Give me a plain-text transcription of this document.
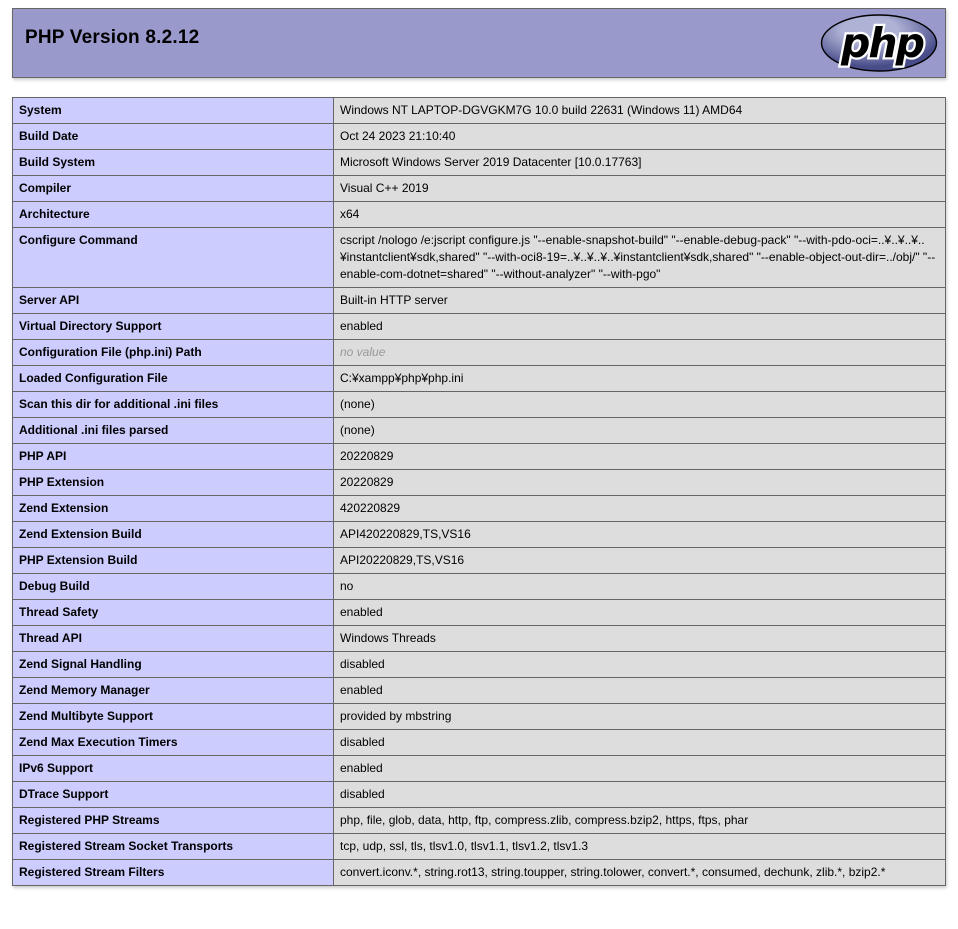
php
PHP Version 8.2.12
System	Windows NT LAPTOP-DGVGKM7G 10.0 build 22631 (Windows 11) AMD64
Build Date	Oct 24 2023 21:10:40
Build System	Microsoft Windows Server 2019 Datacenter [10.0.17763]
Compiler	Visual C++ 2019
Architecture	x64
Configure Command	cscript /nologo /e:jscript configure.js "--enable-snapshot-build" "--enable-debug-pack" "--with-pdo-oci=..¥..¥..¥..¥instantclient¥sdk,shared" "--with-oci8-19=..¥..¥..¥..¥instantclient¥sdk,shared" "--enable-object-out-dir=../obj/" "--enable-com-dotnet=shared" "--without-analyzer" "--with-pgo"
Server API	Built-in HTTP server
Virtual Directory Support	enabled
Configuration File (php.ini) Path	no value
Loaded Configuration File	C:¥xampp¥php¥php.ini
Scan this dir for additional .ini files	(none)
Additional .ini files parsed	(none)
PHP API	20220829
PHP Extension	20220829
Zend Extension	420220829
Zend Extension Build	API420220829,TS,VS16
PHP Extension Build	API20220829,TS,VS16
Debug Build	no
Thread Safety	enabled
Thread API	Windows Threads
Zend Signal Handling	disabled
Zend Memory Manager	enabled
Zend Multibyte Support	provided by mbstring
Zend Max Execution Timers	disabled
IPv6 Support	enabled
DTrace Support	disabled
Registered PHP Streams	php, file, glob, data, http, ftp, compress.zlib, compress.bzip2, https, ftps, phar
Registered Stream Socket Transports	tcp, udp, ssl, tls, tlsv1.0, tlsv1.1, tlsv1.2, tlsv1.3
Registered Stream Filters	convert.iconv.*, string.rot13, string.toupper, string.tolower, convert.*, consumed, dechunk, zlib.*, bzip2.*
